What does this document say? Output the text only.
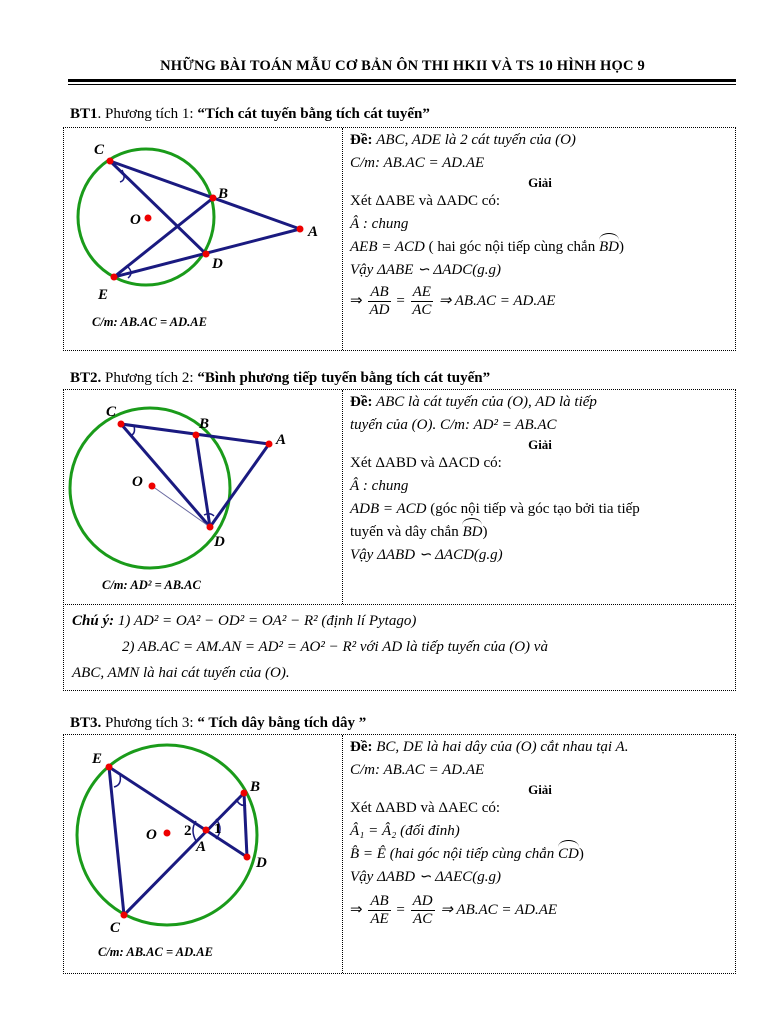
NHỮNG BÀI TOÁN MẪU CƠ BẢN ÔN THI HKII VÀ TS 10 HÌNH HỌC 9
BT1. Phương tích 1: “Tích cát tuyến bằng tích cát tuyến”
C
B
O
A
D
E
C/m: AB.AC = AD.AE
Đề: ABC, ADE là 2 cát tuyến của (O)
C/m: AB.AC = AD.AE
Giải
Xét ΔABE và ΔADC có:
Â : chung
AEB = ACD ( hai góc nội tiếp cùng chắn BD)
Vậy ΔABE ∽ ΔADC(g.g)
⇒ $\frac{AB}{AD} = \frac{AE}{AC}$ ⇒ AB.AC = AD.AE
BT2. Phương tích 2: “Bình phương tiếp tuyến bằng tích cát tuyến”
C
B
A
O
D
C/m: AD² = AB.AC
Đề: ABC là cát tuyến của (O), AD là tiếp
tuyến của (O). C/m: AD² = AB.AC
Giải
Xét ΔABD và ΔACD có:
Â : chung
ADB = ACD (góc nội tiếp và góc tạo bởi tia tiếp
tuyến và dây chắn BD)
Vậy ΔABD ∽ ΔACD(g.g)
Chú ý: 1) AD² = OA² − OD² = OA² − R² (định lí Pytago)
2) AB.AC = AM.AN = AD² = AO² − R² với AD là tiếp tuyến của (O) và
ABC, AMN là hai cát tuyến của (O).
BT3. Phương tích 3: “ Tích dây bằng tích dây ”
E
B
O 2 1
A
D
C
C/m: AB.AC = AD.AE
Đề: BC, DE là hai dây của (O) cắt nhau tại A.
C/m: AB.AC = AD.AE
Giải
Xét ΔABD và ΔAEC có:
Â₁ = Â₂ (đối đỉnh)
B̂ = Ê (hai góc nội tiếp cùng chắn CD)
Vậy ΔABD ∽ ΔAEC(g.g)
⇒ $\frac{AB}{AE} = \frac{AD}{AC}$ ⇒ AB.AC = AD.AE
